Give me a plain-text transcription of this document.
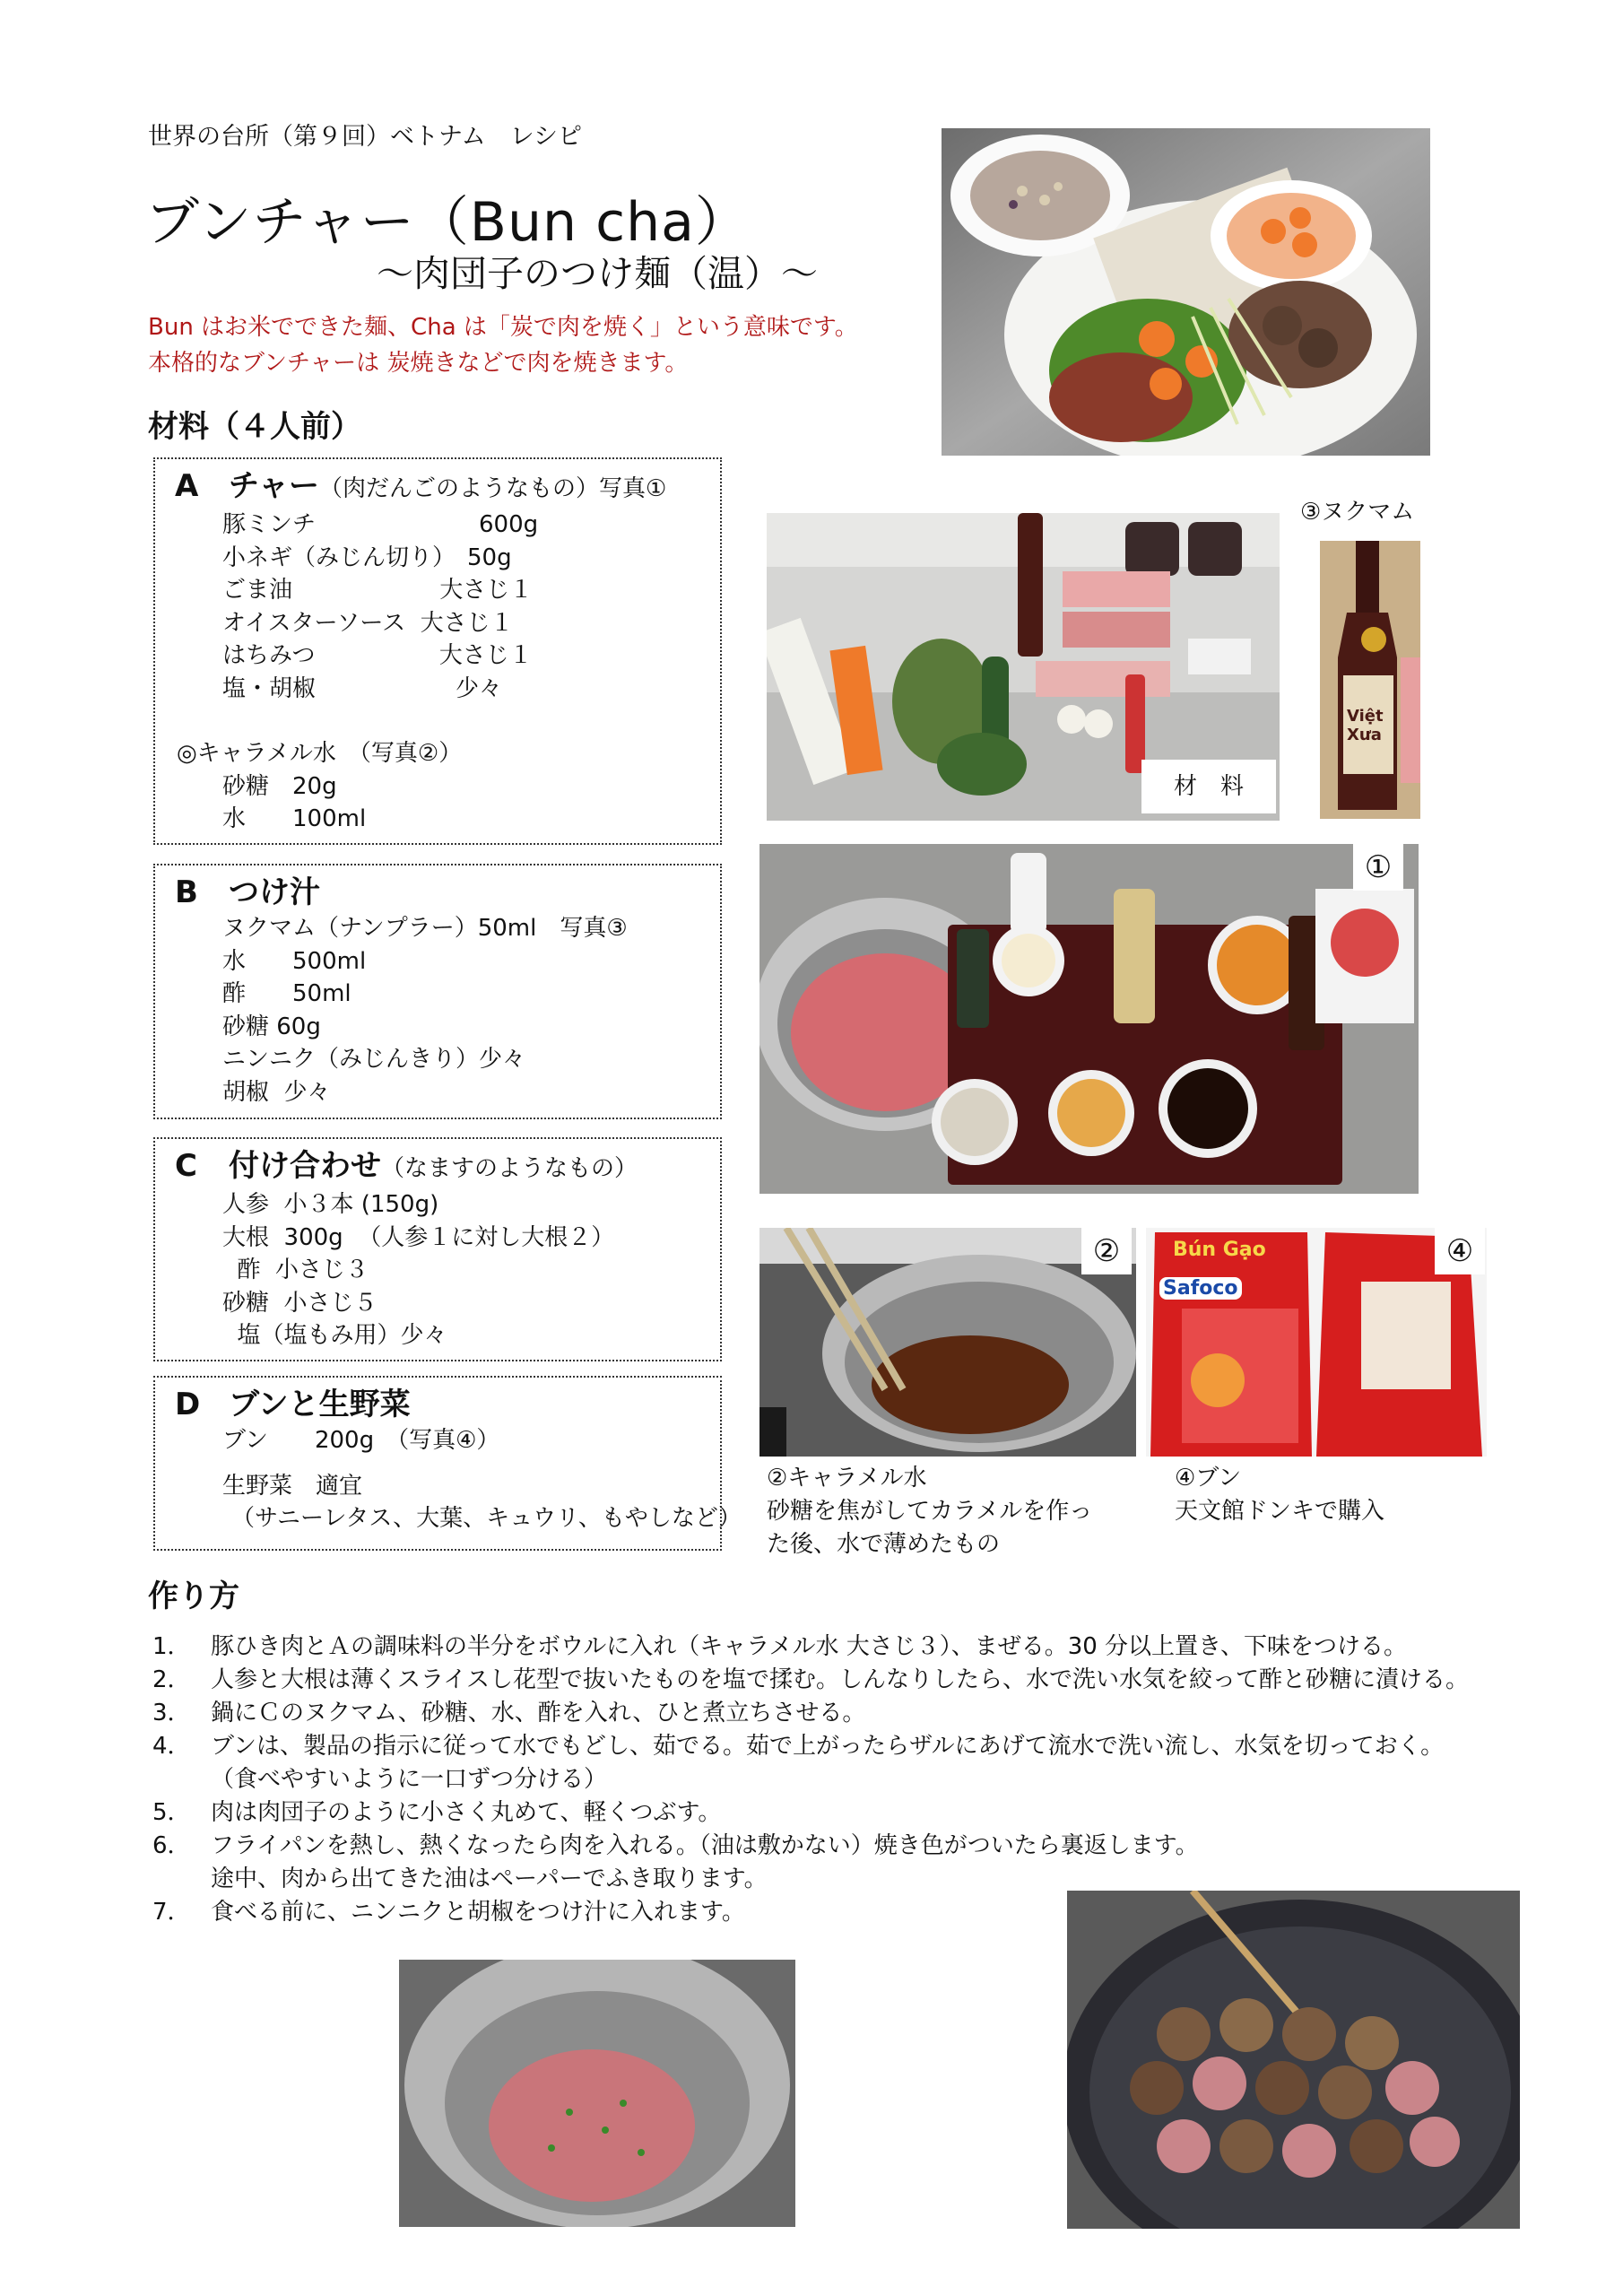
世界の台所（第９回）ベトナム　レシピ
ブンチャー（Bun cha）
～肉団子のつけ麺（温）～
Bun はお米でできた麺、Cha は「炭で肉を焼く」という意味です。
本格的なブンチャーは 炭焼きなどで肉を焼きます。
材料（４人前）
A チャー（肉だんごのようなもの）写真①
豚ミンチ　　　　　　　600g
小ネギ（みじん切り）　50g
ごま油　　　　　　 大さじ１
オイスターソース  大さじ１
はちみつ　　　　　 大さじ１
塩・胡椒　　　　　　少々
◎キャラメル水　（写真②）
砂糖　20g
水　　100ml
B つけ汁
ヌクマム（ナンプラー）50ml　写真③
水　　500ml
酢　　50ml
砂糖 60g
ニンニク（みじんきり）少々
胡椒  少々
C 付け合わせ（なますのようなもの）
人参  小３本 (150g)
大根  300g  （人参１に対し大根２）
酢  小さじ３
砂糖  小さじ５
塩（塩もみ用）少々
D ブンと生野菜
ブン　　200g　（写真④）
生野菜　適宜
（サニーレタス、大葉、キュウリ、もやしなど）
材　料
③ヌクマム
Việt Xưa
①
②	Bún Gạo
Safoco
④
②キャラメル水
砂糖を焦がしてカラメルを作っ
た後、水で薄めたもの
④ブン
天文館ドンキで購入
作り方
1． 豚ひき肉とＡの調味料の半分をボウルに入れ（キャラメル水 大さじ３）、まぜる。30 分以上置き、下味をつける。
2． 人参と大根は薄くスライスし花型で抜いたものを塩で揉む。しんなりしたら、水で洗い水気を絞って酢と砂糖に漬ける。
3． 鍋にＣのヌクマム、砂糖、水、酢を入れ、ひと煮立ちさせる。
4． ブンは、製品の指示に従って水でもどし、茹でる。茹で上がったらザルにあげて流水で洗い流し、水気を切っておく。
（食べやすいように一口ずつ分ける）
5． 肉は肉団子のように小さく丸めて、軽くつぶす。
6． フライパンを熱し、熱くなったら肉を入れる。（油は敷かない）焼き色がついたら裏返します。
途中、肉から出てきた油はペーパーでふき取ります。
7． 食べる前に、ニンニクと胡椒をつけ汁に入れます。
